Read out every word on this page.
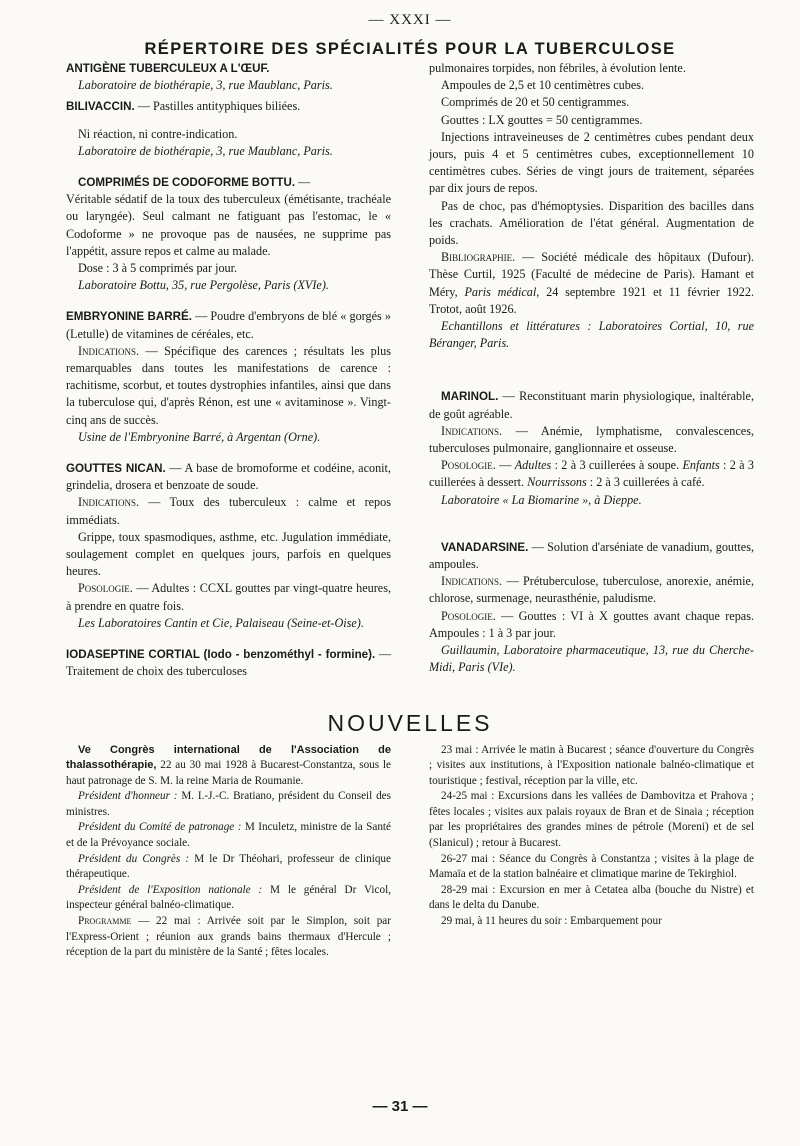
— XXXI —
RÉPERTOIRE DES SPÉCIALITÉS POUR LA TUBERCULOSE

ANTIGÈNE TUBERCULEUX A L'ŒUF.

Laboratoire de biothérapie, 3, rue Maublanc, Paris.

BILIVACCIN. — Pastilles antityphiques biliées.

Ni réaction, ni contre-indication.

Laboratoire de biothérapie, 3, rue Maublanc, Paris.

COMPRIMÉS DE CODOFORME BOTTU. —

Véritable sédatif de la toux des tuberculeux (émétisante, trachéale ou laryngée). Seul calmant ne fatiguant pas l'estomac, le « Codoforme » ne provoque pas de nausées, ne supprime pas l'appétit, assure repos et calme au malade.

Dose : 3 à 5 comprimés par jour.

Laboratoire Bottu, 35, rue Pergolèse, Paris (XVIe).

EMBRYONINE BARRÉ. — Poudre d'embryons de blé « gorgés » (Letulle) de vitamines de céréales, etc.

Indications. — Spécifique des carences ; résultats les plus remarquables dans toutes les manifestations de carence : rachitisme, scorbut, et toutes dystrophies infantiles, ainsi que dans la tuberculose qui, d'après Rénon, est une « avitaminose ». Vingt-cinq ans de succès.

Usine de l'Embryonine Barré, à Argentan (Orne).

GOUTTES NICAN. — A base de bromoforme et codéine, aconit, grindelia, drosera et benzoate de soude.

Indications. — Toux des tuberculeux : calme et repos immédiats.

Grippe, toux spasmodiques, asthme, etc. Jugulation immédiate, soulagement complet en quelques jours, parfois en quelques heures.

Posologie. — Adultes : CCXL gouttes par vingt-quatre heures, à prendre en quatre fois.

Les Laboratoires Cantin et Cie, Palaiseau (Seine-et-Oise).

IODASEPTINE CORTIAL (Iodo - benzométhyl - formine). — Traitement de choix des tuberculoses

pulmonaires torpides, non fébriles, à évolution lente.

Ampoules de 2,5 et 10 centimètres cubes.

Comprimés de 20 et 50 centigrammes.

Gouttes : LX gouttes = 50 centigrammes.

Injections intraveineuses de 2 centimètres cubes pendant deux jours, puis 4 et 5 centimètres cubes, exceptionnellement 10 centimètres cubes. Séries de vingt jours de traitement, séparées par dix jours de repos.

Pas de choc, pas d'hémoptysies. Disparition des bacilles dans les crachats. Amélioration de l'état général. Augmentation de poids.

Bibliographie. — Société médicale des hôpitaux (Dufour). Thèse Curtil, 1925 (Faculté de médecine de Paris). Hamant et Méry, Paris médical, 24 septembre 1921 et 11 février 1922. Trotot, août 1926.

Echantillons et littératures : Laboratoires Cortial, 10, rue Béranger, Paris.

MARINOL. — Reconstituant marin physiologique, inaltérable, de goût agréable.

Indications. — Anémie, lymphatisme, convalescences, tuberculoses pulmonaire, ganglionnaire et osseuse.

Posologie. — Adultes : 2 à 3 cuillerées à soupe. Enfants : 2 à 3 cuillerées à dessert. Nourrissons : 2 à 3 cuillerées à café.

Laboratoire « La Biomarine », à Dieppe.

VANADARSINE. — Solution d'arséniate de vanadium, gouttes, ampoules.

Indications. — Prétuberculose, tuberculose, anorexie, anémie, chlorose, surmenage, neurasthénie, paludisme.

Posologie. — Gouttes : VI à X gouttes avant chaque repas. Ampoules : 1 à 3 par jour.

Guillaumin, Laboratoire pharmaceutique, 13, rue du Cherche-Midi, Paris (VIe).

NOUVELLES

Ve Congrès international de l'Association de thalassothérapie, 22 au 30 mai 1928 à Bucarest-Constantza, sous le haut patronage de S. M. la reine Maria de Roumanie.

Président d'honneur : M. I.-J.-C. Bratiano, président du Conseil des ministres.

Président du Comité de patronage : M Inculetz, ministre de la Santé et de la Prévoyance sociale.

Président du Congrès : M le Dr Théohari, professeur de clinique thérapeutique.

Président de l'Exposition nationale : M le général Dr Vicol, inspecteur général balnéo-climatique.

Programme — 22 mai : Arrivée soit par le Simplon, soit par l'Express-Orient ; réunion aux grands bains thermaux d'Hercule ; réception de la part du ministère de la Santé ; fêtes locales.

23 mai : Arrivée le matin à Bucarest ; séance d'ouverture du Congrès ; visites aux institutions, à l'Exposition nationale balnéo-climatique et touristique ; festival, réception par la ville, etc.

24-25 mai : Excursions dans les vallées de Dambovitza et Prahova ; fêtes locales ; visites aux palais royaux de Bran et de Sinaia ; réception par les propriétaires des grandes mines de pétrole (Moreni) et de sel (Slanicul) ; retour à Bucarest.

26-27 mai : Séance du Congrès à Constantza ; visites à la plage de Mamaïa et de la station balnéaire et climatique marine de Tekirghiol.

28-29 mai : Excursion en mer à Cetatea alba (bouche du Nistre) et dans le delta du Danube.

29 mai, à 11 heures du soir : Embarquement pour

— 31 —
